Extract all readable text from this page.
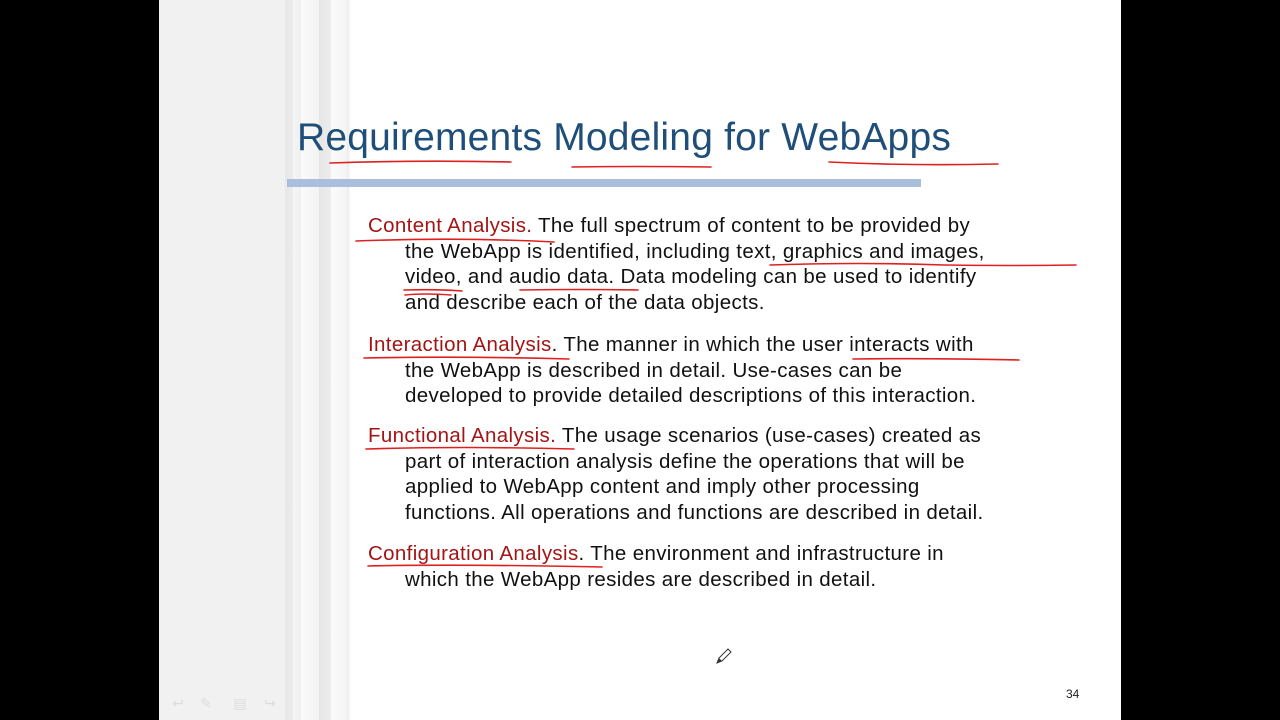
Requirements Modeling for WebApps
Content Analysis. The full spectrum of content to be provided by
the WebApp is identified, including text, graphics and images,
video, and audio data. Data modeling can be used to identify
and describe each of the data objects.
Interaction Analysis. The manner in which the user interacts with
the WebApp is described in detail. Use-cases can be
developed to provide detailed descriptions of this interaction.
Functional Analysis. The usage scenarios (use-cases) created as
part of interaction analysis define the operations that will be
applied to WebApp content and imply other processing
functions. All operations and functions are described in detail.
Configuration Analysis. The environment and infrastructure in
which the WebApp resides are described in detail.
34
↩	✎	▤	↪
